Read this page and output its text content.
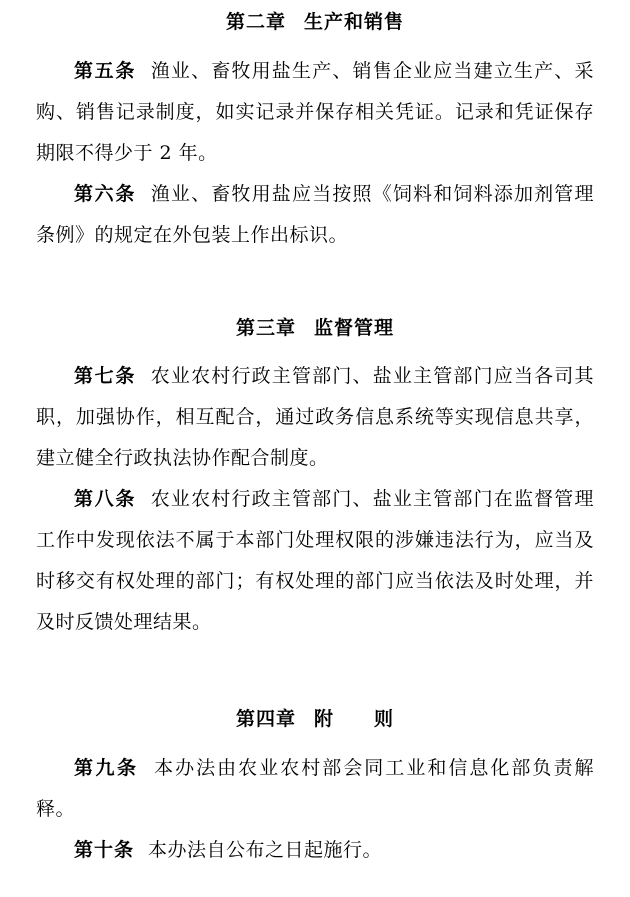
第二章 生产和销售

第五条 渔业、畜牧用盐生产、销售企业应当建立生产、采购、销售记录制度，如实记录并保存相关凭证。记录和凭证保存期限不得少于 2 年。

第六条 渔业、畜牧用盐应当按照《饲料和饲料添加剂管理条例》的规定在外包装上作出标识。

第三章 监督管理

第七条 农业农村行政主管部门、盐业主管部门应当各司其职，加强协作，相互配合，通过政务信息系统等实现信息共享，建立健全行政执法协作配合制度。

第八条 农业农村行政主管部门、盐业主管部门在监督管理工作中发现依法不属于本部门处理权限的涉嫌违法行为，应当及时移交有权处理的部门；有权处理的部门应当依法及时处理，并及时反馈处理结果。

第四章 附　　则

第九条 本办法由农业农村部会同工业和信息化部负责解释。

第十条 本办法自公布之日起施行。
